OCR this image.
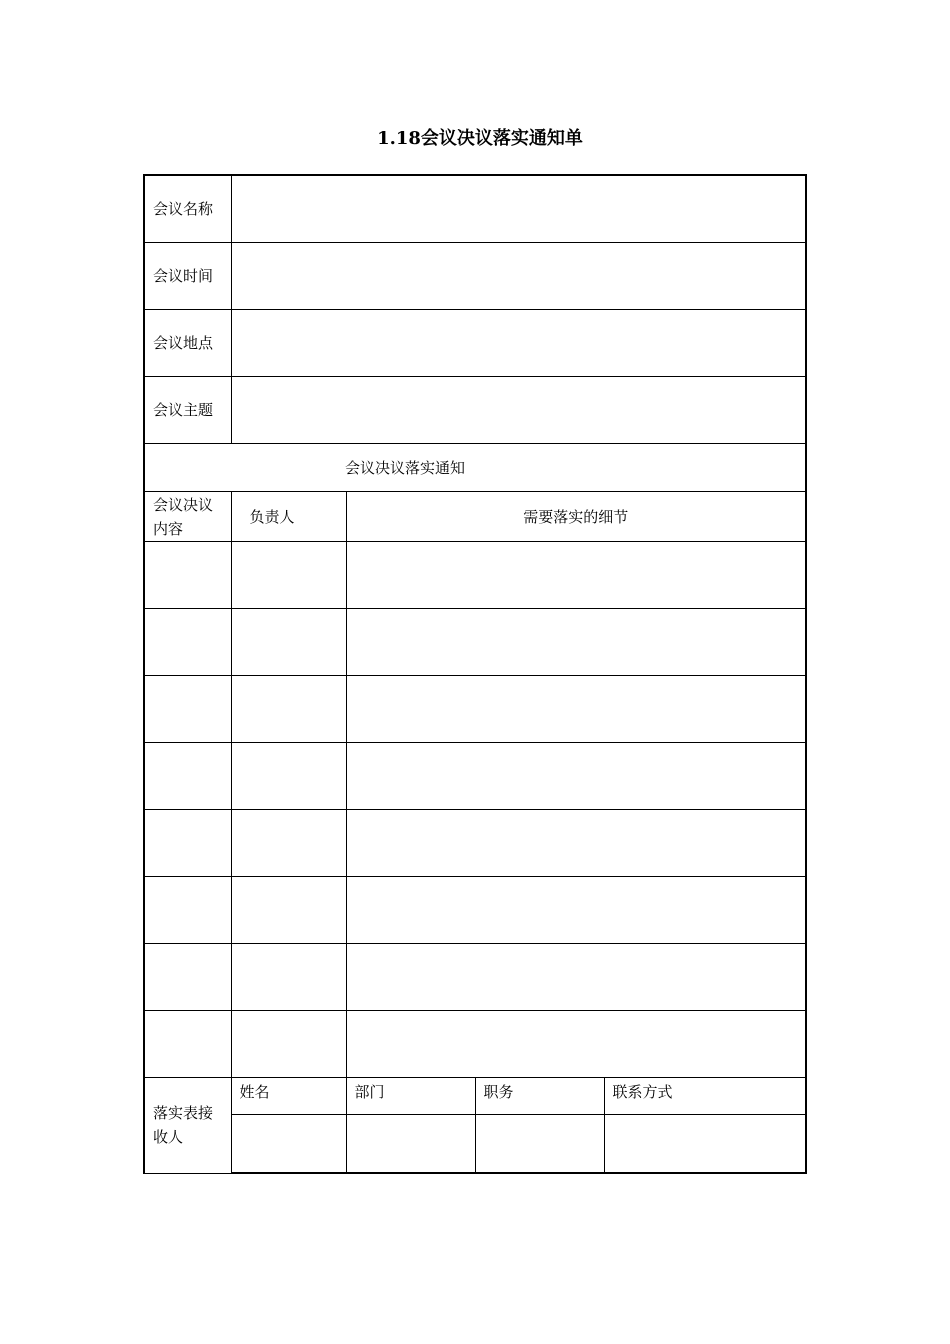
1.18会议决议落实通知单
会议名称				
会议时间				
会议地点				
会议主题				
会议决议落实通知				
会议决议内容	负责人	需要落实的细节		

落实表接收人	姓名	部门	职务	联系方式
